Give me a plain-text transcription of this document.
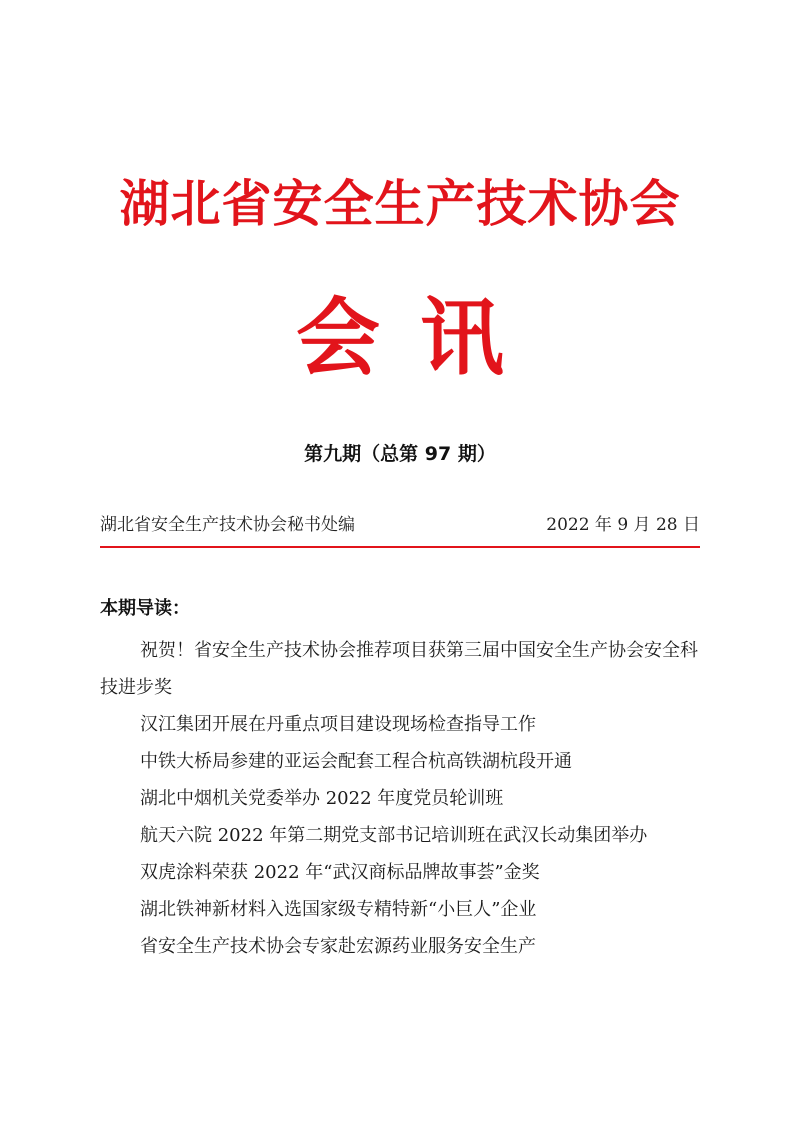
湖北省安全生产技术协会
会讯
第九期（总第 97 期）
湖北省安全生产技术协会秘书处编	2022 年 9 月 28 日
本期导读：
祝贺！省安全生产技术协会推荐项目获第三届中国安全生产协会安全科技进步奖
汉江集团开展在丹重点项目建设现场检查指导工作
中铁大桥局参建的亚运会配套工程合杭高铁湖杭段开通
湖北中烟机关党委举办 2022 年度党员轮训班
航天六院 2022 年第二期党支部书记培训班在武汉长动集团举办
双虎涂料荣获 2022 年“武汉商标品牌故事荟”金奖
湖北铁神新材料入选国家级专精特新“小巨人”企业
省安全生产技术协会专家赴宏源药业服务安全生产
